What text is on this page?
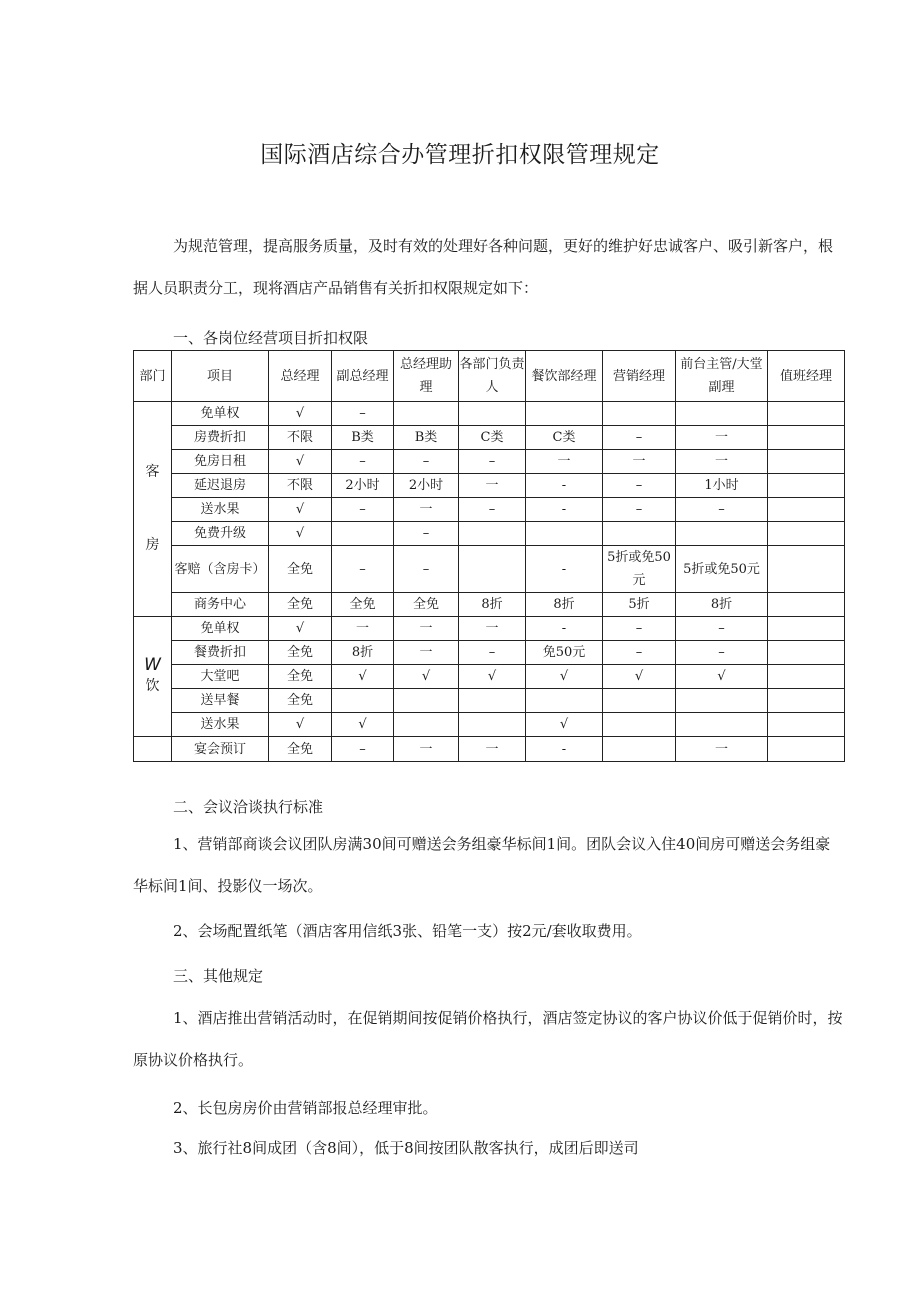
国际酒店综合办管理折扣权限管理规定

为规范管理，提高服务质量，及时有效的处理好各种问题，更好的维护好忠诚客户、吸引新客户，根据人员职责分工，现将酒店产品销售有关折扣权限规定如下：

一、各岗位经营项目折扣权限

部门	项目	总经理	副总经理	总经理助理	各部门负责人	餐饮部经理	营销经理	前台主管/大堂副理	值班经理

客
房	免单权	√	–						
	房费折扣	不限	B类	B类	C类	C类	–	一	
	免房日租	√	–	–	–	一	一	一	
	延迟退房	不限	2小时	2小时	一	-	–	1小时	
	送水果	√	–	一	–	-	–	–	
	免费升级	√		–					
	客赔（含房卡）	全免	–	–		-	5折或免50元	5折或免50元	
	商务中心	全免	全免	全免	8折	8折	5折	8折	

W
饮	免单权	√	一	一	一	-	–	–	
	餐费折扣	全免	8折	一	–	免50元	–	–	
	大堂吧	全免	√	√	√	√	√	√	
	送早餐	全免							
	送水果	√	√			√			
	宴会预订	全免	–	一	一	-		一	

二、会议洽谈执行标准

1、营销部商谈会议团队房满30间可赠送会务组豪华标间1间。团队会议入住40间房可赠送会务组豪华标间1间、投影仪一场次。

2、会场配置纸笔（酒店客用信纸3张、铅笔一支）按2元/套收取费用。

三、其他规定

1、酒店推出营销活动时，在促销期间按促销价格执行，酒店签定协议的客户协议价低于促销价时，按原协议价格执行。

2、长包房房价由营销部报总经理审批。

3、旅行社8间成团（含8间），低于8间按团队散客执行，成团后即送司
